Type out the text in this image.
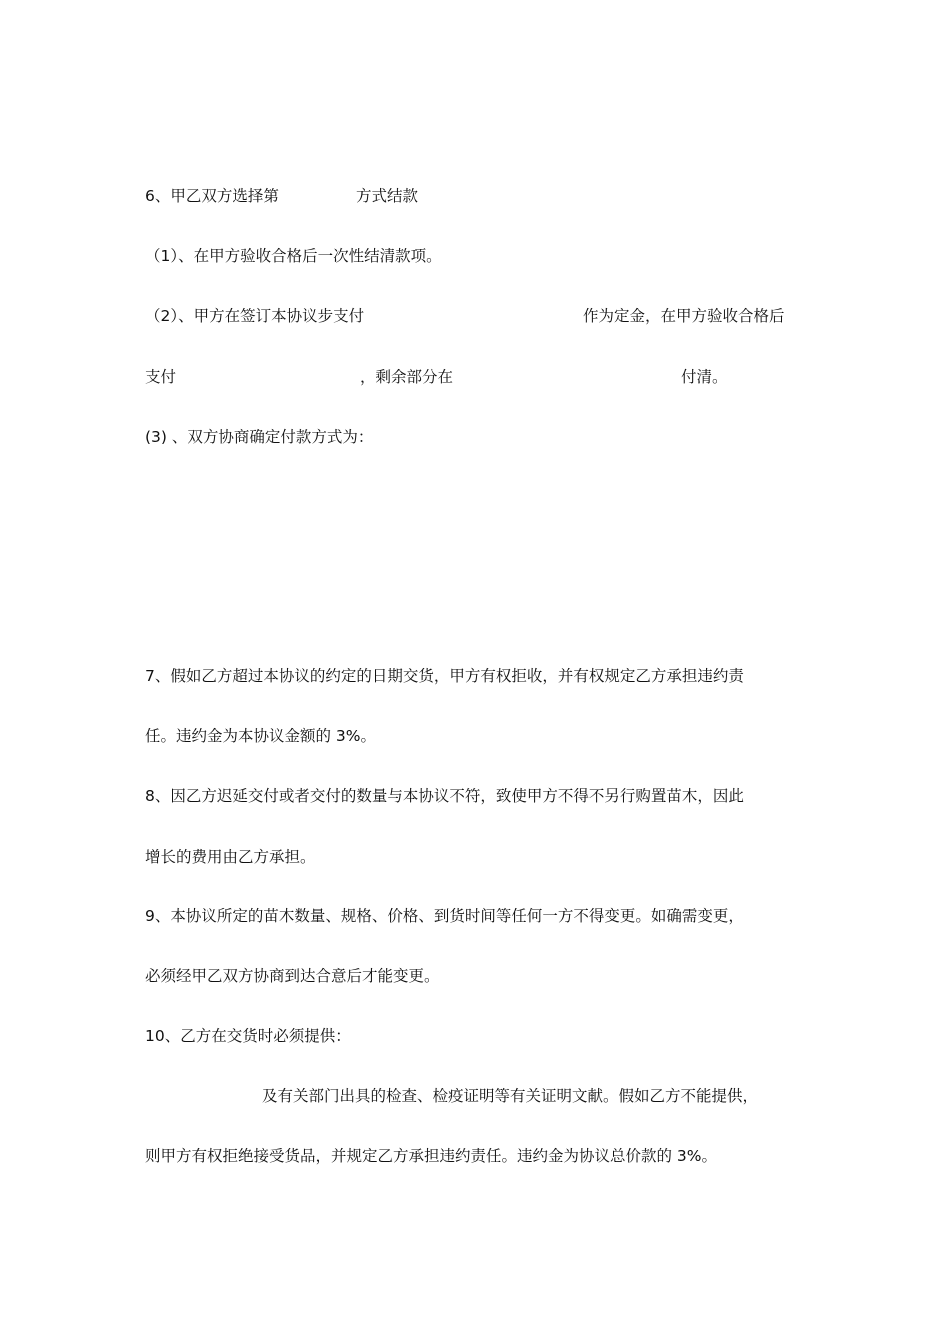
6、甲乙双方选择第	方式结款

（1）、在甲方验收合格后一次性结清款项。

（2）、甲方在签订本协议步支付	作为定金，在甲方验收合格后

支付	，剩余部分在	付清。

(3) 、双方协商确定付款方式为：

7、假如乙方超过本协议的约定的日期交货，甲方有权拒收，并有权规定乙方承担违约责

任。违约金为本协议金额的 3%。

8、因乙方迟延交付或者交付的数量与本协议不符，致使甲方不得不另行购置苗木，因此

增长的费用由乙方承担。

9、本协议所定的苗木数量、规格、价格、到货时间等任何一方不得变更。如确需变更，

必须经甲乙双方协商到达合意后才能变更。

10、乙方在交货时必须提供：

及有关部门出具的检查、检疫证明等有关证明文献。假如乙方不能提供，

则甲方有权拒绝接受货品，并规定乙方承担违约责任。违约金为协议总价款的 3%。
